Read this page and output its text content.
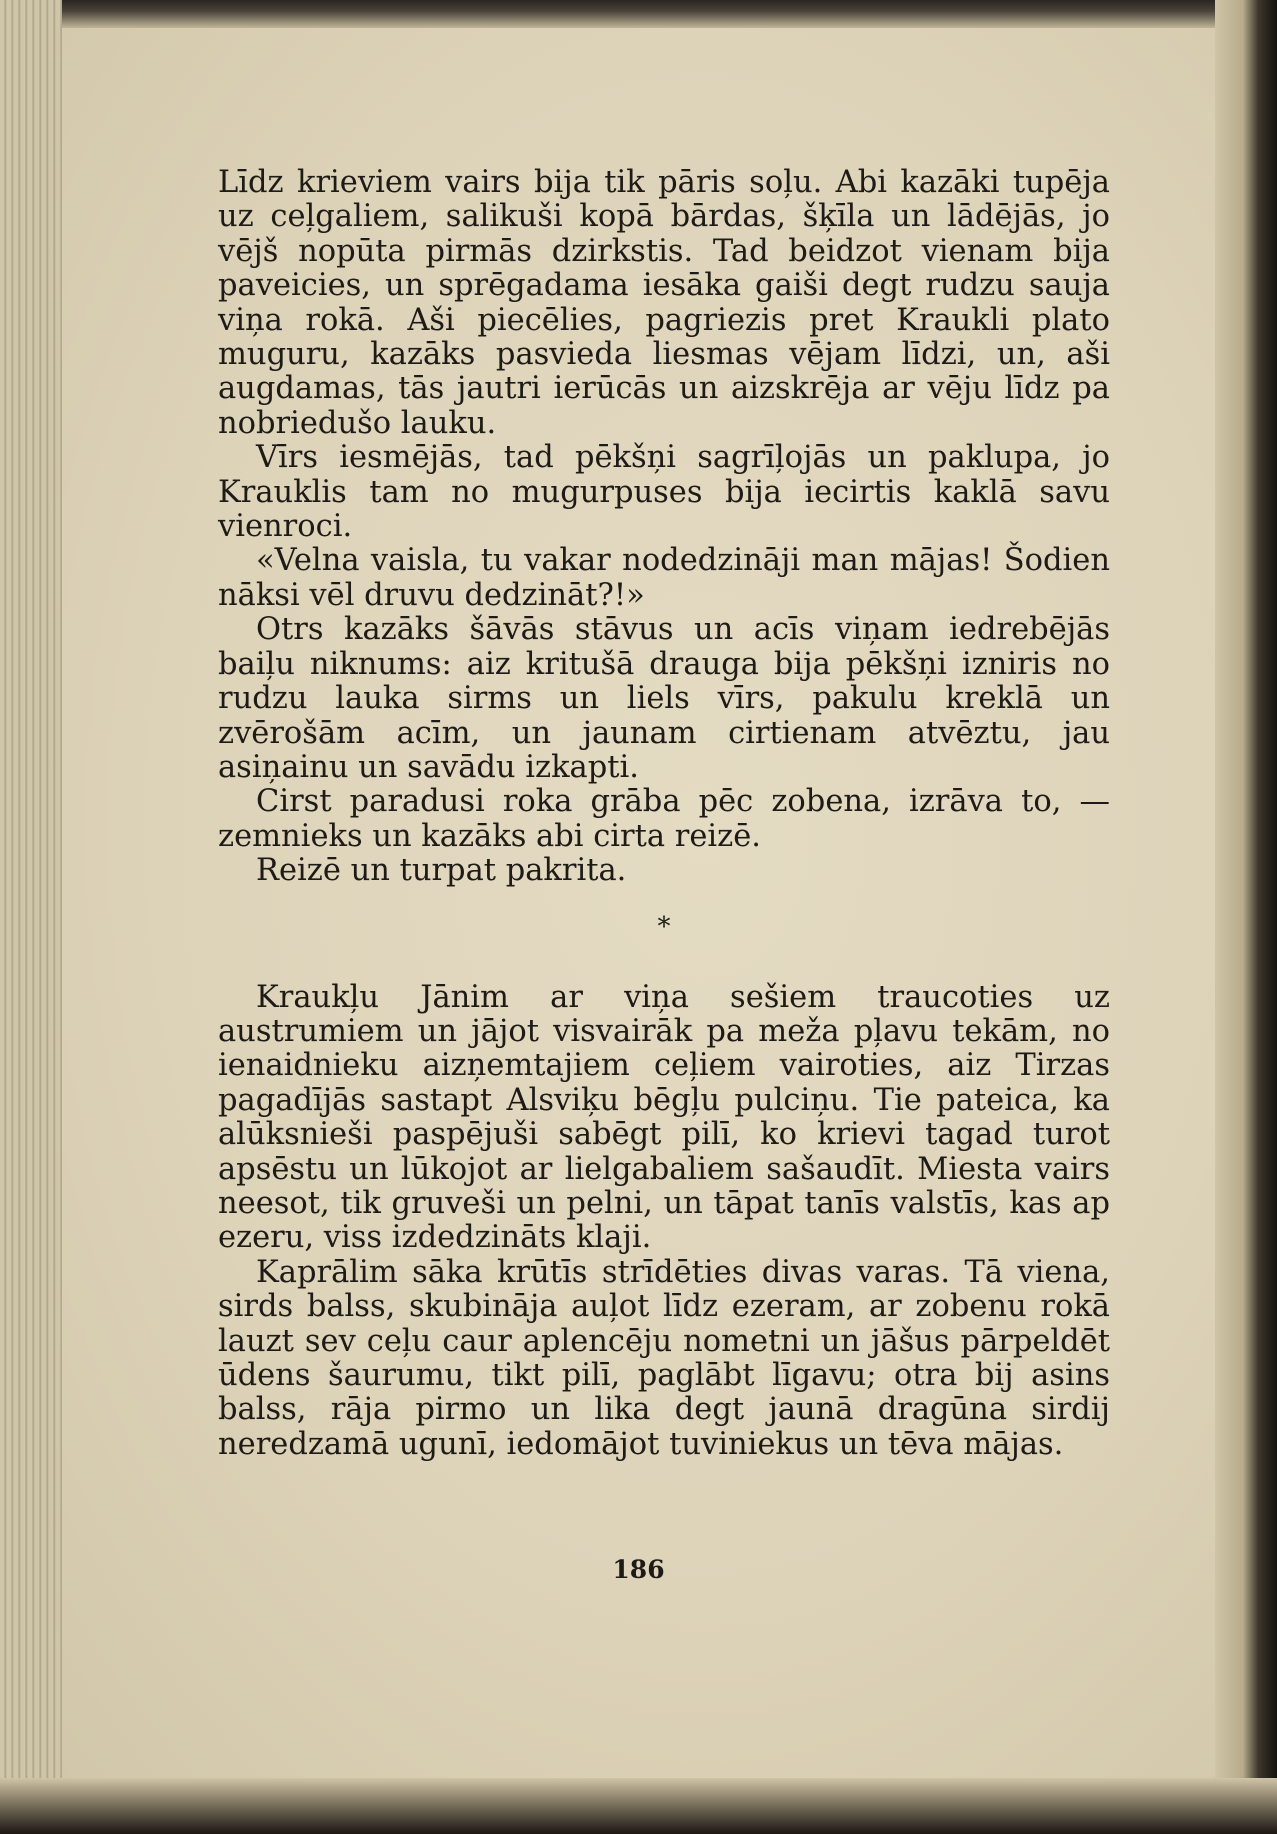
Līdz krieviem vairs bija tik pāris soļu. Abi kazāki tupēja uz ceļgaliem, salikuši kopā bārdas, šķīla un lādējās, jo vējš nopūta pirmās dzirkstis. Tad beidzot vienam bija paveicies, un sprēgadama iesāka gaiši degt rudzu sauja viņa rokā. Aši piecēlies, pagriezis pret Kraukli plato muguru, kazāks pasvieda liesmas vējam līdzi, un, aši augdamas, tās jautri ierūcās un aizskrēja ar vēju līdz pa nobriedušo lauku.

Vīrs iesmējās, tad pēkšņi sagrīļojās un paklupa, jo Krauklis tam no mugurpuses bija iecirtis kaklā savu vienroci.

«Velna vaisla, tu vakar nodedzināji man mājas! Šodien nāksi vēl druvu dedzināt?!»

Otrs kazāks šāvās stāvus un acīs viņam iedrebējās baiļu niknums: aiz kritušā drauga bija pēkšņi izniris no rudzu lauka sirms un liels vīrs, pakulu kreklā un zvērošām acīm, un jaunam cirtienam atvēztu, jau asiņainu un savādu izkapti.

Cirst paradusi roka grāba pēc zobena, izrāva to, — zemnieks un kazāks abi cirta reizē.

Reizē un turpat pakrita.

*

Kraukļu Jānim ar viņa sešiem traucoties uz austrumiem un jājot visvairāk pa meža pļavu tekām, no ienaidnieku aizņemtajiem ceļiem vairoties, aiz Tirzas pagadījās sastapt Alsviķu bēgļu pulciņu. Tie pateica, ka alūksnieši paspējuši sabēgt pilī, ko krievi tagad turot apsēstu un lūkojot ar lielgabaliem sašaudīt. Miesta vairs neesot, tik gruveši un pelni, un tāpat tanīs valstīs, kas ap ezeru, viss izdedzināts klaji.

Kaprālim sāka krūtīs strīdēties divas varas. Tā viena, sirds balss, skubināja auļot līdz ezeram, ar zobenu rokā lauzt sev ceļu caur aplencēju nometni un jāšus pārpeldēt ūdens šaurumu, tikt pilī, paglābt līgavu; otra bij asins balss, rāja pirmo un lika degt jaunā dragūna sirdij neredzamā ugunī, iedomājot tuviniekus un tēva mājas.

186
